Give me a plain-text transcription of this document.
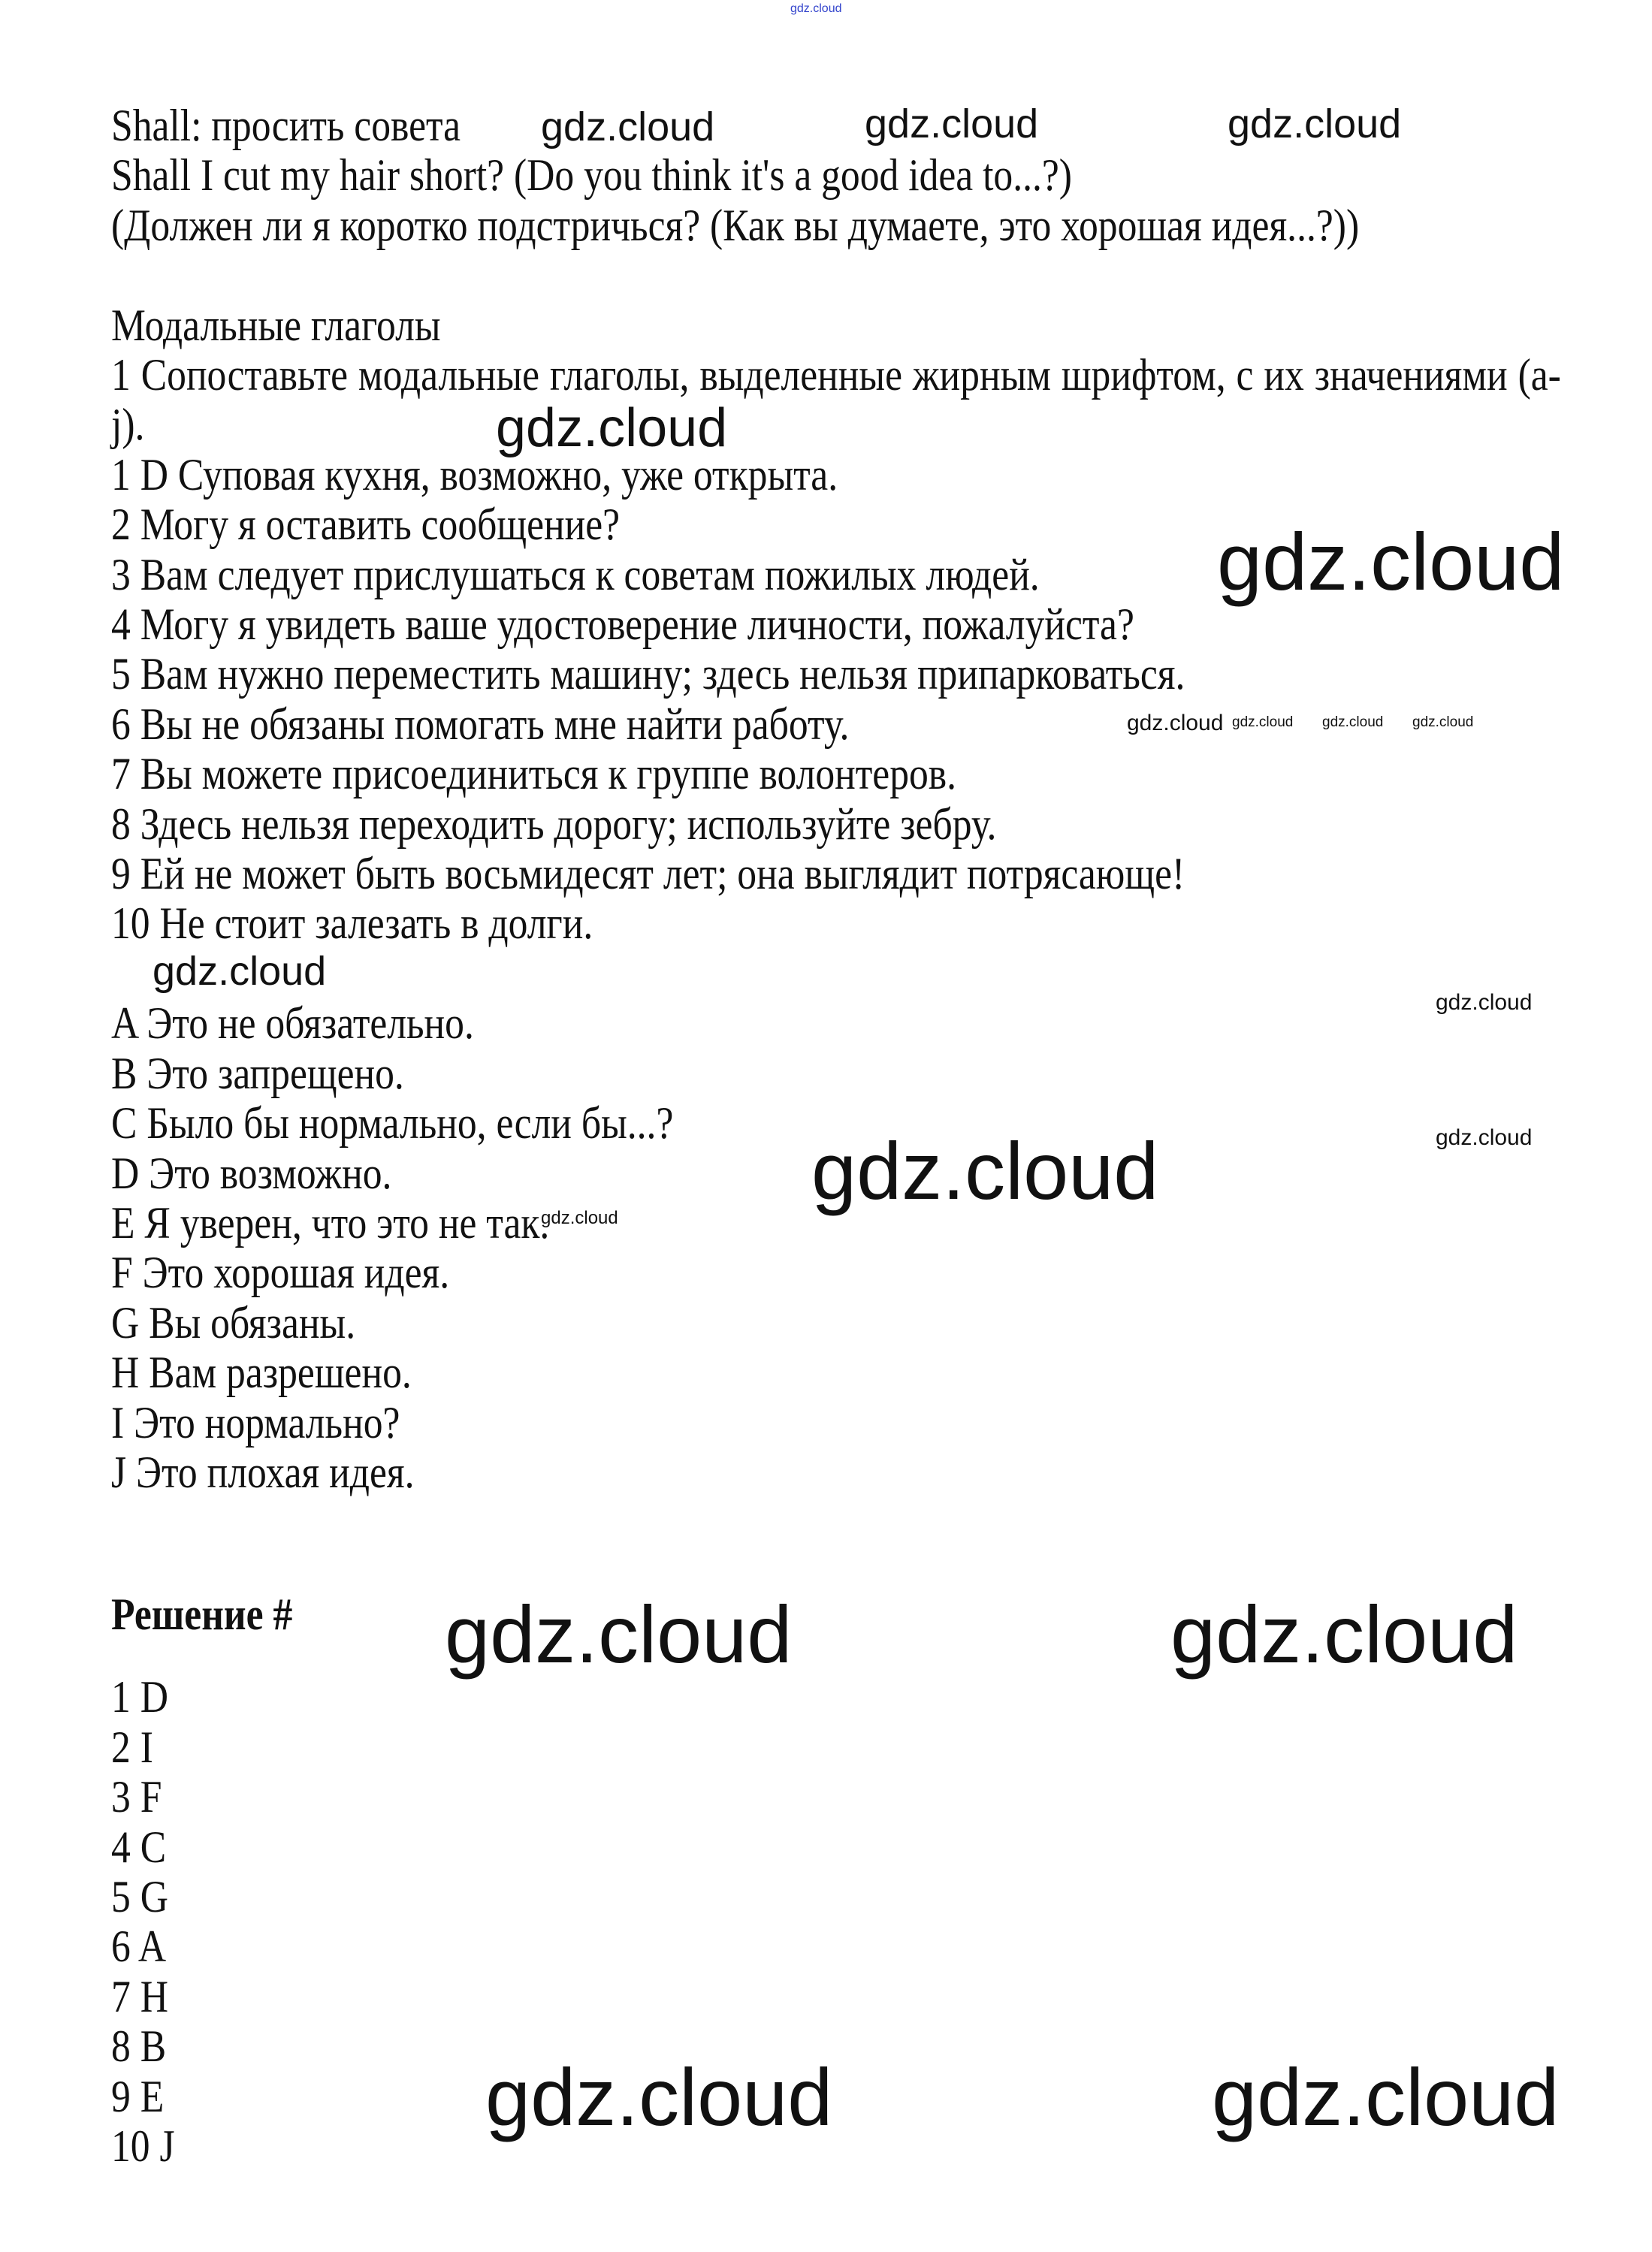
Shall: просить совета
Shall I cut my hair short? (Do you think it's a good idea to...?)
(Должен ли я коротко подстричься? (Как вы думаете, это хорошая идея...?))
Модальные глаголы
1 Сопоставьте модальные глаголы, выделенные жирным шрифтом, с их значениями (a-j).
1 D Суповая кухня, возможно, уже открыта.
2 Могу я оставить сообщение?
3 Вам следует прислушаться к советам пожилых людей.
4 Могу я увидеть ваше удостоверение личности, пожалуйста?
5 Вам нужно переместить машину; здесь нельзя припарковаться.
6 Вы не обязаны помогать мне найти работу.
7 Вы можете присоединиться к группе волонтеров.
8 Здесь нельзя переходить дорогу; используйте зебру.
9 Ей не может быть восьмидесят лет; она выглядит потрясающе!
10 Не стоит залезать в долги.
A Это не обязательно.
B Это запрещено.
C Было бы нормально, если бы...?
D Это возможно.
E Я уверен, что это не так.
F Это хорошая идея.
G Вы обязаны.
H Вам разрешено.
I Это нормально?
J Это плохая идея.
Решение #
1 D
2 I
3 F
4 C
5 G
6 A
7 H
8 B
9 E
10 J
gdz.cloud
gdz.cloud	gdz.cloud	gdz.cloud
gdz.cloud
gdz.cloud
gdz.cloud gdz.cloud gdz.cloud gdz.cloud
gdz.cloud
gdz.cloud
gdz.cloud
gdz.cloud
gdz.cloud
gdz.cloud	gdz.cloud
gdz.cloud	gdz.cloud
